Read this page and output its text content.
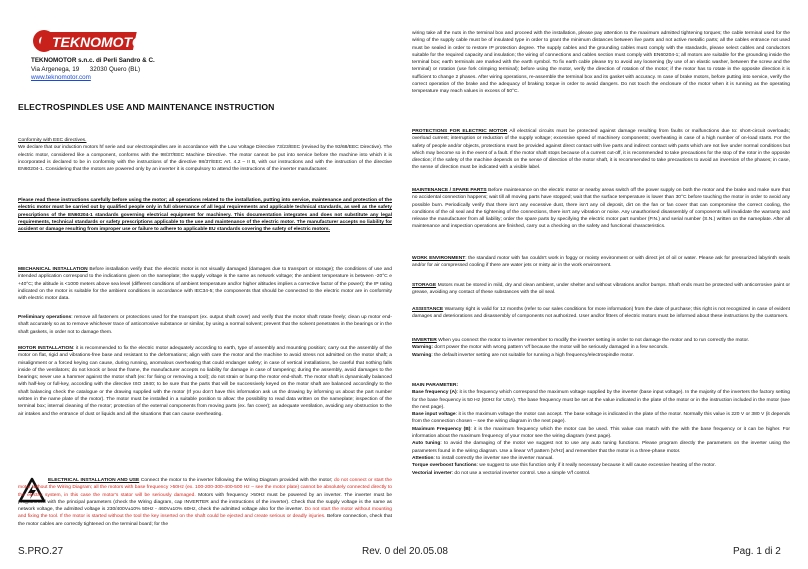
TEKNOMOTOR
TEKNOMOTOR s.n.c. di Perli Sandro & C.
Via Argenega, 19 32030 Quero (BL)
www.teknomotor.com
ELECTROSPINDLES USE AND MAINTENANCE INSTRUCTION

Conformity with EEC directives.

We declare that our induction motors hf serie and our electrospindles are in accordance with the Low Voltage Directive 73/23/EEC (revised by the 93/68/EEC Directive). The electric motor, considered like a component, conforms with the 98/37/EEC Machine Directive. The motor cannot be put into service before the machine into which it is incorporated is declared to be in conformity with the instructions of the directive 98/37/EEC Art. 4.2 – II B, with our instructions and with the instruction of the directive EN60204-1. Considering that the motors are powered only by an inverter it is compulsory to attend the instructions of the inverter manufacturer.

Please read these instructions carefully before using the motor; all operations related to the installation, putting into service, maintenance and protection of the electric motor must be carried out by qualified people only in full observance of all legal requirements and applicable technical standards, as well as the safety prescriptions of the EN60204-1 standards governing electrical equipment for machinery. This documentation integrates and does not substitute any legal requirements, technical standards or safety prescriptions applicable to the use and maintenance of the electric motor. The manufacturer accepts no liability for accident or damage resulting from improper use or failure to adhere to applicable EU standards covering the safety of electric motors.

MECHANICAL INSTALLATION Before installation verify that: the electric motor is not visually damaged (damages due to transport or storage); the conditions of use and intended application correspond to the indications given on the nameplate; the supply voltage is the same as network voltage; the ambient temperature is between -20°C e +40°C; the altitude is <1000 meters above sea level (different conditions of ambient temperature and/or higher altitudes implies a corrective factor of the power); the IP rating indicated on the motor is suitable for the ambient conditions in accordance with IEC34-5; the components that should be connected to the electric motor are in conformity with electric motor data.

Preliminary operations: remove all fasteners or protections used for the transport (ex. output shaft cover) and verify that the motor shaft rotate freely; clean up motor end-shaft accurately so as to remove whichever trace of anticorrosive substance or similar, by using a normal solvent; prevent that the solvent penetrates in the bearings or in the shaft gaskets, in order not to damage them.

MOTOR INSTALLATION: it is recommended to fix the electric motor adequately according to earth, type of assembly and mounting position; carry out the assembly of the motor on flat, rigid and vibrations-free base and resistant to the deformations; align with care the motor and the machine to avoid stress not admitted on the motor shaft; a misalignment or a forced keying can cause, during running, anomalous overheating that could endanger safety; in case of vertical installations, be careful that nothing falls inside of the ventilators; do not knock or beat the frame, the manufacturer accepts no liability for damage in case of tampering; during the assembly, avoid damages to the bearings; never use a hammer against the motor shaft (ex: for fixing or removing a tool); do not strain or bump the motor end-shaft. The motor shaft is dynamically balanced with half-key or full-key, according with the directive ISO 1940; to be sure that the parts that will be successively keyed on the motor shaft are balanced accordingly to the shaft balancing check the catalogue or the drawing supplied with the motor (If you don't have this information ask us the drawing by informing us about the part number written in the name plate of the motor). The motor must be installed in a suitable position to allow: the possibility to read data written on the nameplate; inspection of the terminal box; internal cleaning of the motor; protection of the external components from moving parts (ex. fan cover); an adequate ventilation, avoiding any obstruction to the air intakes and the entrance of dust or liquids and all the situations that can cause overheating.

ELECTRICAL INSTALLATION AND USE Connect the motor to the inverter following the Wiring Diagram provided with the motor; do not connect or start the motor without the Wiring Diagram; all the motors with base frequency >50Hz (ex. 100-200-300-400-500 Hz – see the motor plate) cannot be absolutely connected directly to the electric system, in this case the motor's stator will be seriously damaged. Motors with frequency >50Hz must be powered by an inverter. The inverter must be programmed with the principal parameters (check the Wiring diagram, cap INVERTER and the instructions of the inverter). Check that the supply voltage is the same as network voltage, the admitted voltage is 230/400V±10% 50Hz - 460V±10% 60Hz, check the admitted voltage also for the inverter. Do not start the motor without mounting and fixing the tool. If the motor is started without the tool the key inserted on the shaft could be ejected and create serious or deadly injuries. Before connection, check that the motor cables are correctly tightened on the terminal board; for the

wiring take all the nuts in the terminal box and proceed with the installation, please pay attention to the maximum admitted tightening torques; the cable terminal used for the wiring of the supply cable must be of insulated type in order to grant the minimum distances between live parts and not active metallic parts; all the cables entrance not used must be sealed in order to restore IP protection degree. The supply cables and the grounding cables must comply with the standards, please select cables and conductors suitable for the required capacity and insulation; the wiring of connections and cables section must comply with EN60204-1; all motors are suitable for the grounding inside the terminal box; earth terminals are marked with the earth symbol. To fix earth cable please try to avoid any loosening (by use of an elastic washer, between the screw and the terminal) or rotation (use fork crimping terminal); before using the motor, verify the direction of rotation of the motor; if the motor has to rotate in the opposite direction it is sufficient to change 2 phases. After wiring operations, re-assemble the terminal box and its gasket with accuracy. In case of brake motors, before putting into service, verify the correct operation of the brake and the adequacy of braking torque in order to avoid dangers. Do not touch the enclosure of the motor when it is running as the operating temperature may reach values in excess of 50°C.

PROTECTIONS FOR ELECTRIC MOTOR All electrical circuits must be protected against damage resulting from faults or malfunctions due to: short-circuit overloads; overload current; interruption or reduction of the supply voltage; excessive speed of machinery components; overheating in case of a high number of on-load starts. For the safety of people and/or objects, protections must be provided against direct contact with live parts and indirect contact with parts which are not live under normal conditions but which may become so in the event of a fault. If the motor shaft stops because of a current cut-off, it is recommended to take precautions for the stop of the rotor in the opposite direction; if the safety of the machine depends on the sense of direction of the motor shaft, it is recommended to take precautions to avoid an inversion of the phases; in case, the sense of direction must be indicated with a visible label.

MAINTENANCE / SPARE PARTS Before maintenance on the electric motor or nearby areas switch off the power supply on both the motor and the brake and make sure that no accidental connection happens; wait till all moving parts have stopped; wait that the surface temperature is lower than 30°C before touching the motor in order to avoid any possible burn. Periodically verify that there isn't any excessive dust, there isn't any oil deposit, dirt on the fan or fan cover that can compromise the correct cooling, the conditions of the oil seal and the tightening of the connections, there isn't any vibration or noise. Any unauthorised disassembly of components will invalidate the warranty and release the manufacturer from all liability; order the spare parts by specifying the electric motor part number (P.N.) and serial number (S.N.) written on the nameplate. After all maintenance and inspection operations are finished, carry out a checking on the safety and functional characteristics.

WORK ENVIRONMENT: the standard motor with fan couldn't work in foggy or moisty environment or with direct jet of oil or water. Please ask for pressurized labyrinth seals and/or for air compressed cooling if there are water jets or misty air in the work environment.

STORAGE Motors must be stored in mild, dry and clean ambient, under shelter and without vibrations and/or bumps. Shaft ends must be protected with anticorrosive paint or grease, avoiding any contact of these substances with the oil seal.

ASSISTANCE Warranty right is valid for 12 months (refer to our sales conditions for more information) from the date of purchase; this right is not recognized in case of evident damages and deteriorations and disassembly of components not authorized. User and/or fitters of electric motors must be informed about these instructions by the customers.

INVERTER When you connect the motor to inverter remember to modify the inverter setting in order to not damage the motor and to run correctly the motor.

Warning: don't power the motor with wrong pattern V/f because the motor will be seriously damaged in a few seconds.

Warning: the default inverter setting are not suitable for running a high frequency/electrospindle motor.

MAIN PARAMETER:

Base frequency (A): it is the frequency which correspond the maximum voltage supplied by the inverter (base input voltage). In the majority of the inverters the factory setting for the base frequency is 50 Hz (60Hz for USA). The base frequency must be set at the value indicated in the plate of the motor or in the instruction included in the motor (see the next page).

Base input voltage: it is the maximum voltage the motor can accept. The base voltage is indicated in the plate of the motor. Normally this value is 220 V or 380 V (it depends from the connection chosen – see the wiring diagram in the next page).

Maximum Frequency (B): it is the maximum frequency which the motor can be used. This value can match with the with the base frequency or it can be higher. For information about the maximum frequency of your motor see the wiring diagram (next page).

Auto tuning: to avoid the damaging of the motor we suggest not to use any auto tuning functions. Please program directly the parameters on the inverter using the parameters found in the wiring diagram. Use a linear V/f pattern [V/Hz] and remember that the motor is a three-phase motor.

Attention: to install correctly the inverter see the inverter manual.

Torque overboost functions: we suggest to use this function only if it really necessary because it will cause excessive heating of the motor.

Vectorial inverter: do not use a vectorial inverter control. Use a simple V/f control.

S.PRO.27	Rev. 0 del 20.05.08	Pag. 1 di 2
